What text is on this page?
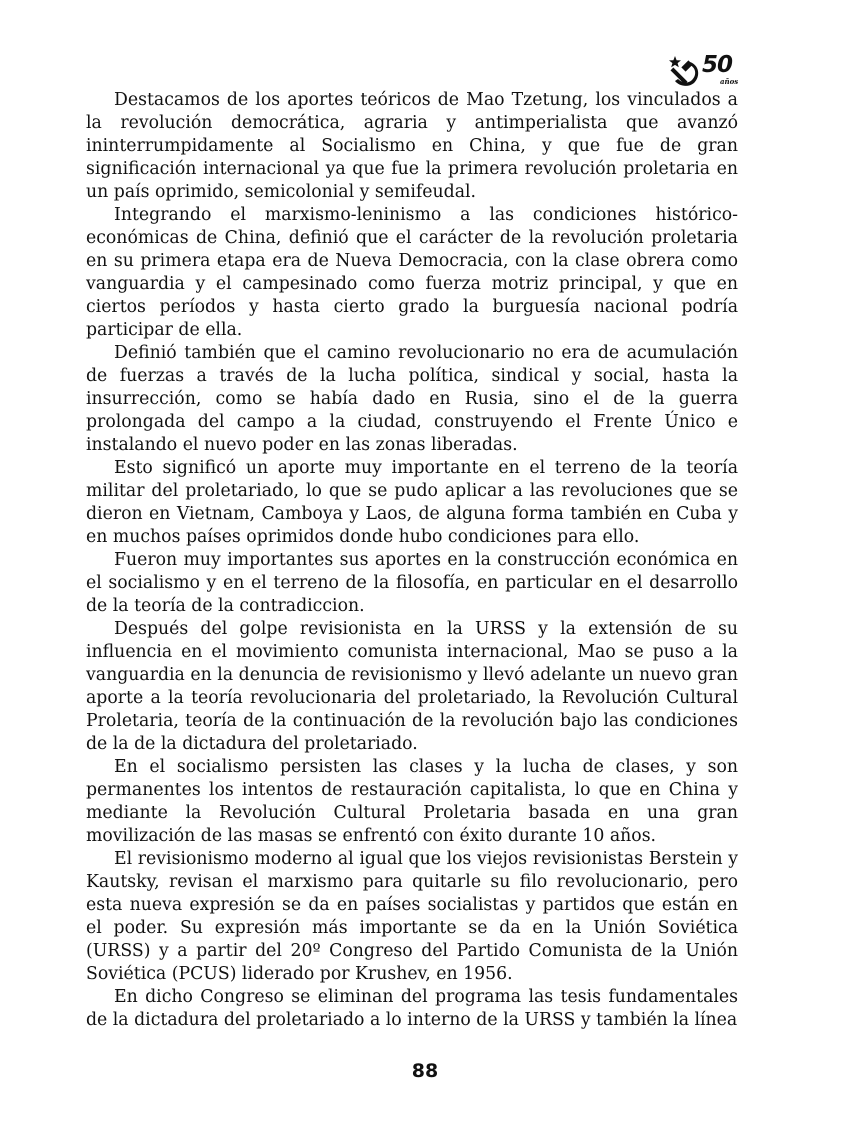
50
años

Destacamos de los aportes teóricos de Mao Tzetung, los vinculados a la revolución democrática, agraria y antimperialista que avanzó ininterrumpidamente al Socialismo en China, y que fue de gran significación internacional ya que fue la primera revolución proletaria en un país oprimido, semicolonial y semifeudal.

Integrando el marxismo-leninismo a las condiciones histórico-económicas de China, definió que el carácter de la revolución proletaria en su primera etapa era de Nueva Democracia, con la clase obrera como vanguardia y el campesinado como fuerza motriz principal, y que en ciertos períodos y hasta cierto grado la burguesía nacional podría participar de ella.

Definió también que el camino revolucionario no era de acumulación de fuerzas a través de la lucha política, sindical y social, hasta la insurrección, como se había dado en Rusia, sino el de la guerra prolongada del campo a la ciudad, construyendo el Frente Único e instalando el nuevo poder en las zonas liberadas.

Esto significó un aporte muy importante en el terreno de la teoría militar del proletariado, lo que se pudo aplicar a las revoluciones que se dieron en Vietnam, Camboya y Laos, de alguna forma también en Cuba y en muchos países oprimidos donde hubo condiciones para ello.

Fueron muy importantes sus aportes en la construcción económica en el socialismo y en el terreno de la filosofía, en particular en el desarrollo de la teoría de la contradiccion.

Después del golpe revisionista en la URSS y la extensión de su influencia en el movimiento comunista internacional, Mao se puso a la vanguardia en la denuncia de revisionismo y llevó adelante un nuevo gran aporte a la teoría revolucionaria del proletariado, la Revolución Cultural Proletaria, teoría de la continuación de la revolución bajo las condiciones de la de la dictadura del proletariado.

En el socialismo persisten las clases y la lucha de clases, y son permanentes los intentos de restauración capitalista, lo que en China y mediante la Revolución Cultural Proletaria basada en una gran movilización de las masas se enfrentó con éxito durante 10 años.

El revisionismo moderno al igual que los viejos revisionistas Berstein y Kautsky, revisan el marxismo para quitarle su filo revolucionario, pero esta nueva expresión se da en países socialistas y partidos que están en el poder. Su expresión más importante se da en la Unión Soviética (URSS) y a partir del 20º Congreso del Partido Comunista de la Unión Soviética (PCUS) liderado por Krushev, en 1956.

En dicho Congreso se eliminan del programa las tesis fundamentales de la dictadura del proletariado a lo interno de la URSS y también la línea

88
